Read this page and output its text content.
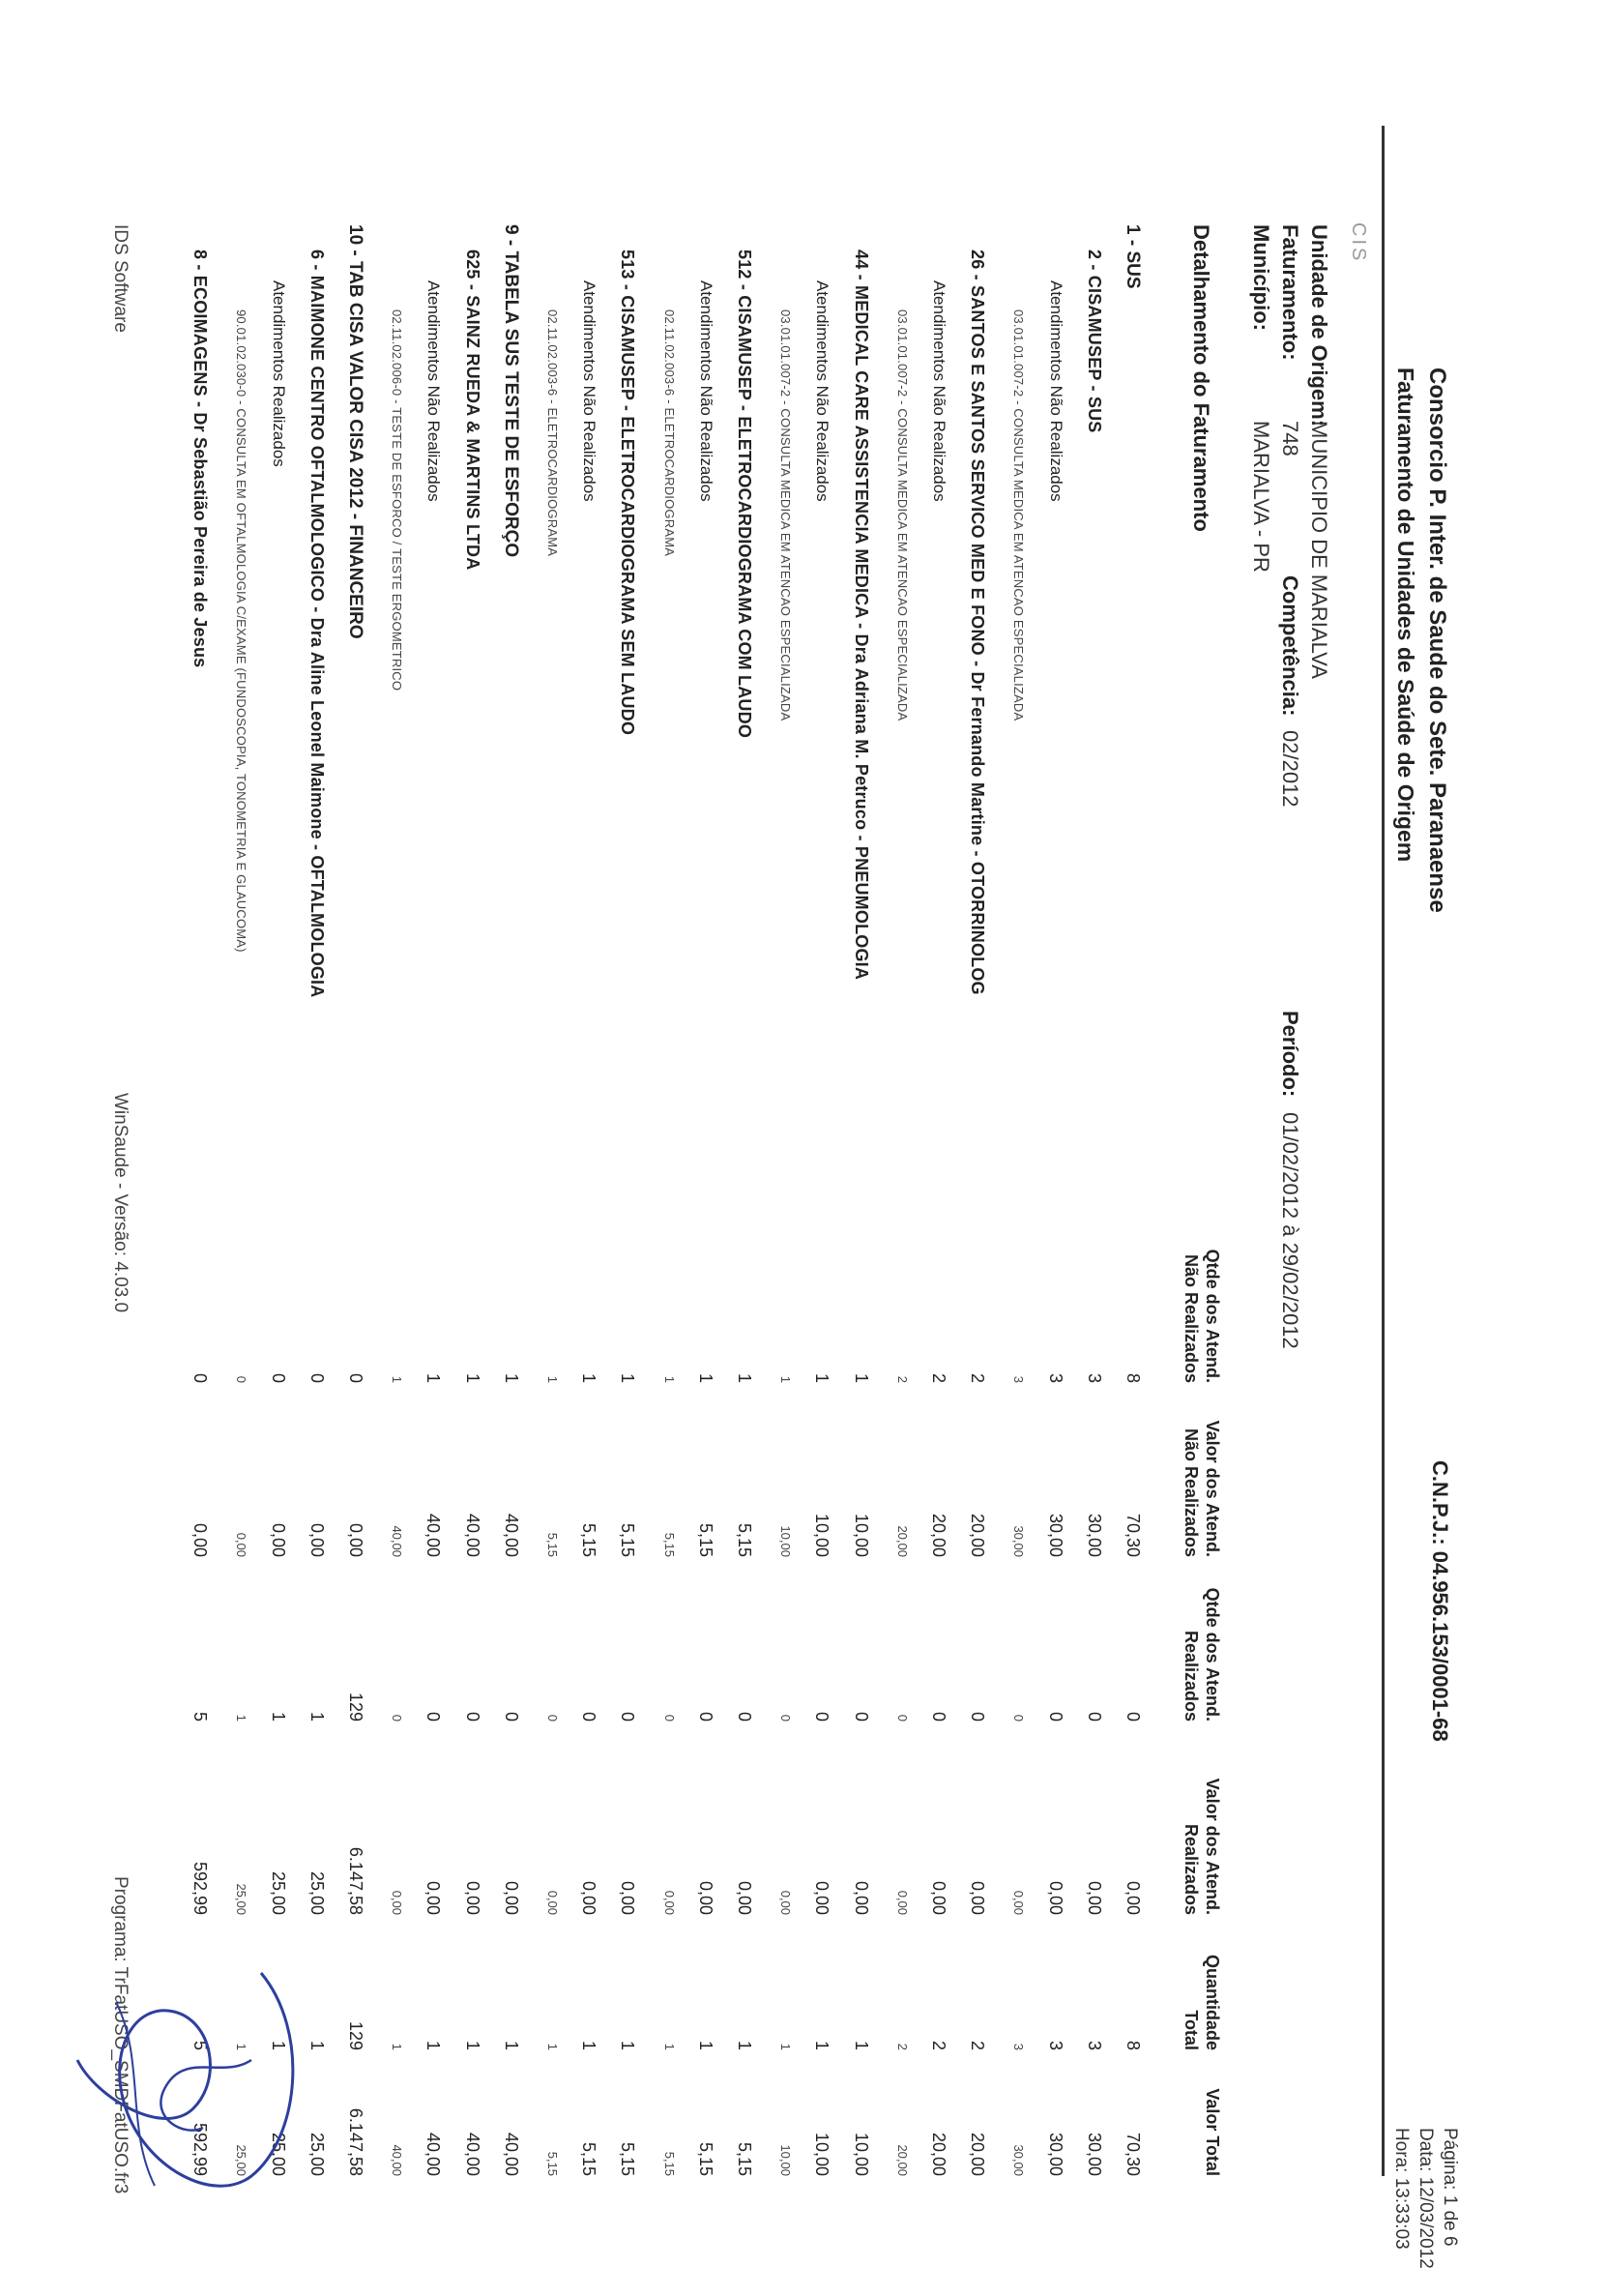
CIS
Consorcio P. Inter. de Saude do Sete. Paranaense
Faturamento de Unidades de Saúde de Origem
C.N.P.J.: 04.956.153/0001-68
Página: 1 de 6
Data: 12/03/2012
Hora: 13:33:03
Unidade de Origem:
MUNICIPIO DE MARIALVA
Faturamento:
748
Competência:
02/2012
Período:
01/02/2012 à 29/02/2012
Município:
MARIALVA - PR
Detalhamento do Faturamento
Qtde dos Atend.
Não Realizados
Valor dos Atend.
Não Realizados
Qtde dos Atend.
Realizados
Valor dos Atend.
Realizados
Quantidade
Total
Valor Total
1 - SUS
8
70,30
0
0,00
8
70,30
2 - CISAMUSEP - SUS
3
30,00
0
0,00
3
30,00
Atendimentos Não Realizados
3
30,00
0
0,00
3
30,00
03.01.01.007-2 - CONSULTA MEDICA EM ATENCAO ESPECIALIZADA
3
30,00
0
0,00
3
30,00
26 - SANTOS E SANTOS SERVICO MED E FONO - Dr Fernando Martine - OTORRINOLOG
2
20,00
0
0,00
2
20,00
Atendimentos Não Realizados
2
20,00
0
0,00
2
20,00
03.01.01.007-2 - CONSULTA MEDICA EM ATENCAO ESPECIALIZADA
2
20,00
0
0,00
2
20,00
44 - MEDICAL CARE ASSISTENCIA MEDICA - Dra Adriana M. Petruco - PNEUMOLOGIA
1
10,00
0
0,00
1
10,00
Atendimentos Não Realizados
1
10,00
0
0,00
1
10,00
03.01.01.007-2 - CONSULTA MEDICA EM ATENCAO ESPECIALIZADA
1
10,00
0
0,00
1
10,00
512 - CISAMUSEP - ELETROCARDIOGRAMA COM LAUDO
1
5,15
0
0,00
1
5,15
Atendimentos Não Realizados
1
5,15
0
0,00
1
5,15
02.11.02.003-6 - ELETROCARDIOGRAMA
1
5,15
0
0,00
1
5,15
513 - CISAMUSEP - ELETROCARDIOGRAMA SEM LAUDO
1
5,15
0
0,00
1
5,15
Atendimentos Não Realizados
1
5,15
0
0,00
1
5,15
02.11.02.003-6 - ELETROCARDIOGRAMA
1
5,15
0
0,00
1
5,15
9 - TABELA SUS TESTE DE ESFORÇO
1
40,00
0
0,00
1
40,00
625 - SAINZ RUEDA & MARTINS LTDA
1
40,00
0
0,00
1
40,00
Atendimentos Não Realizados
1
40,00
0
0,00
1
40,00
02.11.02.006-0 - TESTE DE ESFORCO / TESTE ERGOMETRICO
1
40,00
0
0,00
1
40,00
10 - TAB CISA VALOR CISA 2012 - FINANCEIRO
0
0,00
129
6.147,58
129
6.147,58
6 - MAIMONE CENTRO OFTALMOLOGICO - Dra Aline Leonel Maimone - OFTALMOLOGIA
0
0,00
1
25,00
1
25,00
Atendimentos Realizados
0
0,00
1
25,00
1
25,00
90.01.02.030-0 - CONSULTA EM OFTALMOLOGIA C/EXAME (FUNDOSCOPIA, TONOMETRIA E GLAUCOMA)
0
0,00
1
25,00
1
25,00
8 - ECOIMAGENS - Dr Sebastião Pereira de Jesus
0
0,00
5
592,99
5
592,99
IDS Software
WinSaude - Versão: 4.03.0
Programa: TrFatUSO_SMDFatUSO.fr3
